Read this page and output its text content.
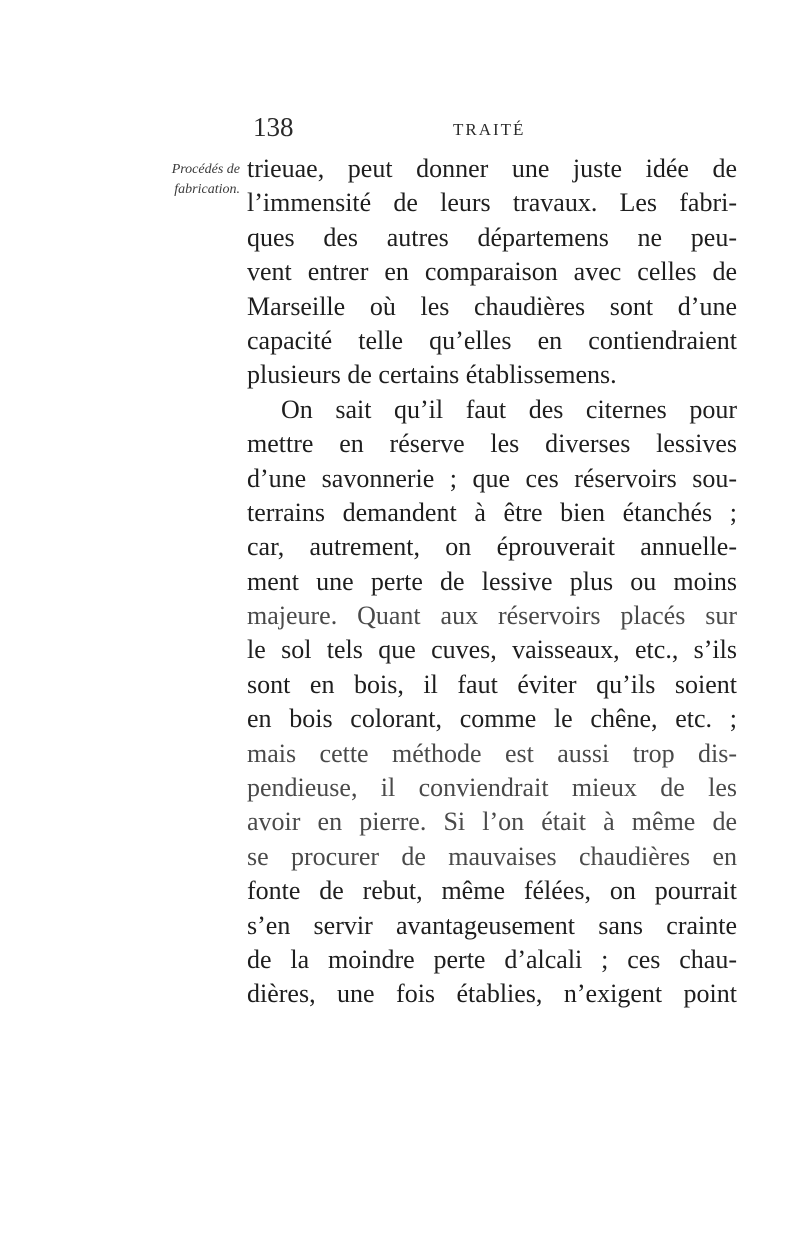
138	TRAITÉ
Procédés de
fabrication.
trieuae, peut donner une juste idée de
l’immensité de leurs travaux. Les fabri-
ques des autres départemens ne peu-
vent entrer en comparaison avec celles de
Marseille où les chaudières sont d’une
capacité telle qu’elles en contiendraient
plusieurs de certains établissemens.
On sait qu’il faut des citernes pour
mettre en réserve les diverses lessives
d’une savonnerie ; que ces réservoirs sou-
terrains demandent à être bien étanchés ;
car, autrement, on éprouverait annuelle-
ment une perte de lessive plus ou moins
majeure. Quant aux réservoirs placés sur
le sol tels que cuves, vaisseaux, etc., s’ils
sont en bois, il faut éviter qu’ils soient
en bois colorant, comme le chêne, etc. ;
mais cette méthode est aussi trop dis-
pendieuse, il conviendrait mieux de les
avoir en pierre. Si l’on était à même de
se procurer de mauvaises chaudières en
fonte de rebut, même félées, on pourrait
s’en servir avantageusement sans crainte
de la moindre perte d’alcali ; ces chau-
dières, une fois établies, n’exigent point
